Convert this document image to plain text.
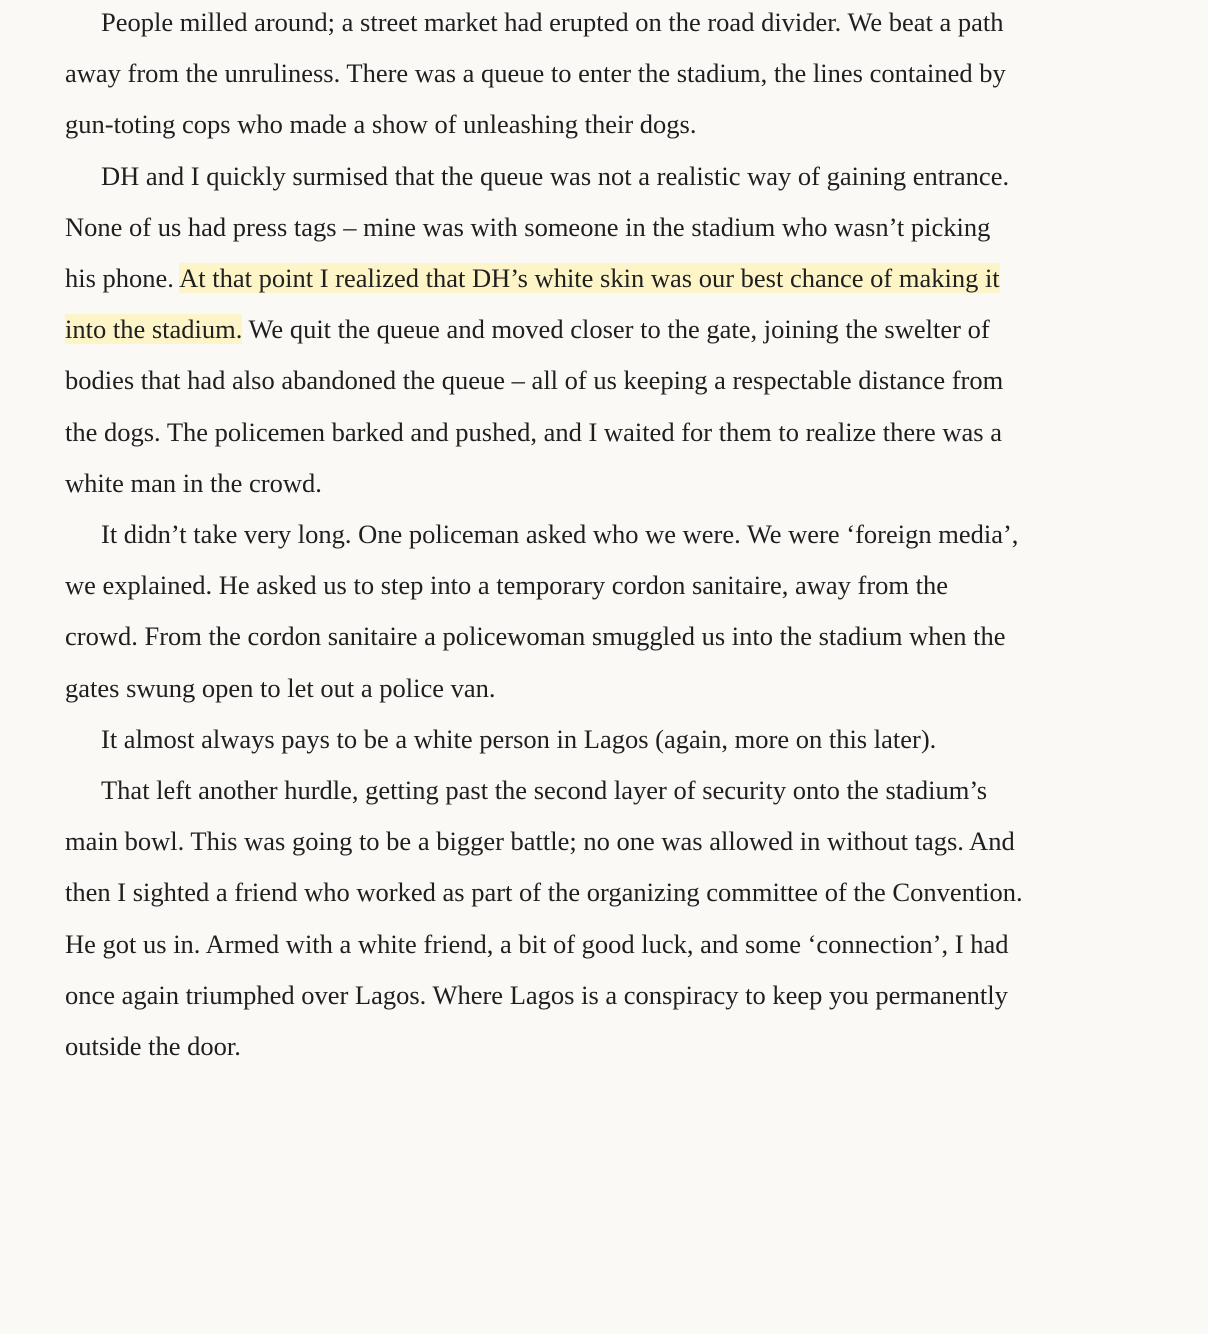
People milled around; a street market had erupted on the road divider. We beat a path away from the unruliness. There was a queue to enter the stadium, the lines contained by gun-toting cops who made a show of unleashing their dogs.

DH and I quickly surmised that the queue was not a realistic way of gaining entrance. None of us had press tags – mine was with someone in the stadium who wasn’t picking his phone. At that point I realized that DH’s white skin was our best chance of making it into the stadium. We quit the queue and moved closer to the gate, joining the swelter of bodies that had also abandoned the queue – all of us keeping a respectable distance from the dogs. The policemen barked and pushed, and I waited for them to realize there was a white man in the crowd.

It didn’t take very long. One policeman asked who we were. We were ‘foreign media’, we explained. He asked us to step into a temporary cordon sanitaire, away from the crowd. From the cordon sanitaire a policewoman smuggled us into the stadium when the gates swung open to let out a police van.

It almost always pays to be a white person in Lagos (again, more on this later).

That left another hurdle, getting past the second layer of security onto the stadium’s main bowl. This was going to be a bigger battle; no one was allowed in without tags. And then I sighted a friend who worked as part of the organizing committee of the Convention. He got us in. Armed with a white friend, a bit of good luck, and some ‘connection’, I had once again triumphed over Lagos. Where Lagos is a conspiracy to keep you permanently outside the door.
